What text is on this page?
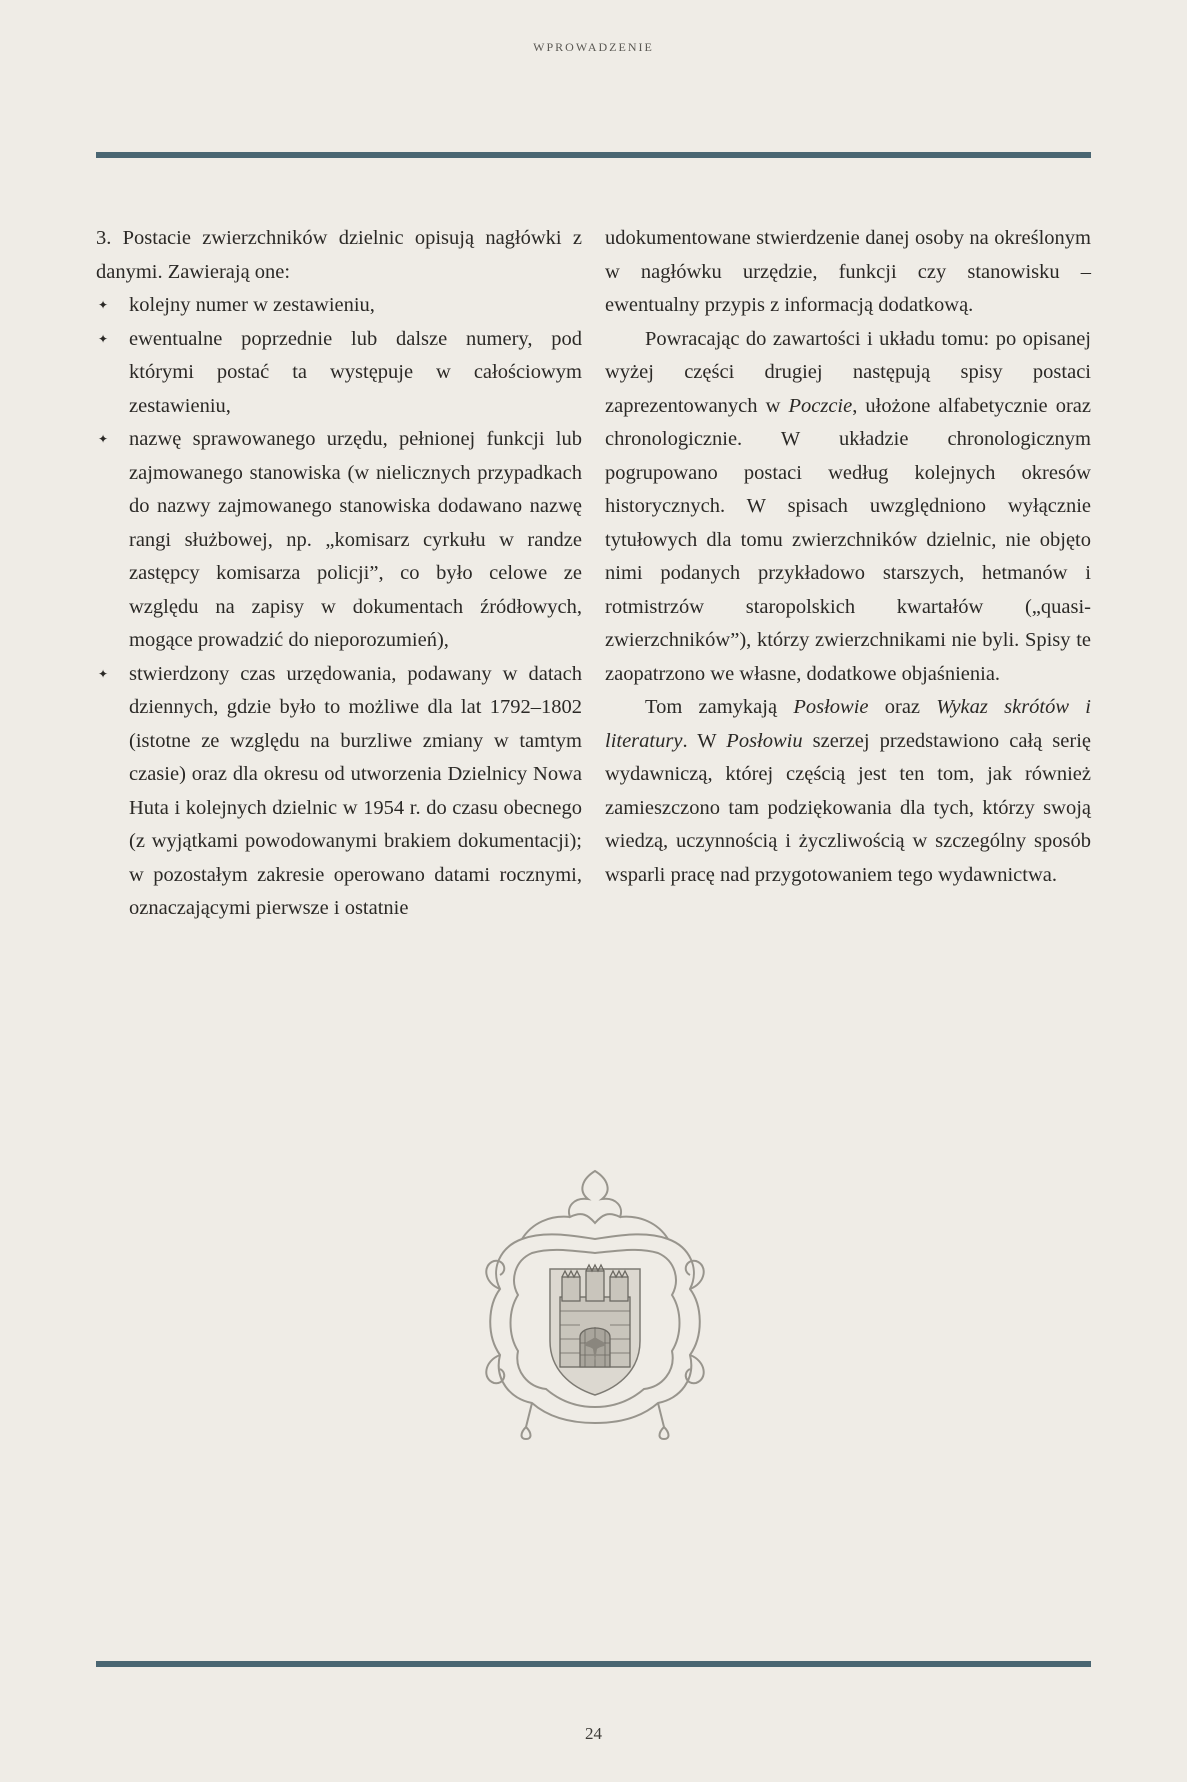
WPROWADZENIE

3. Postacie zwierzchników dzielnic opisują nagłówki z danymi. Zawierają one:

✦ kolejny numer w zestawieniu,
✦ ewentualne poprzednie lub dalsze numery, pod którymi postać ta występuje w całościowym zestawieniu,
✦ nazwę sprawowanego urzędu, pełnionej funkcji lub zajmowanego stanowiska (w nielicznych przypadkach do nazwy zajmowanego stanowiska dodawano nazwę rangi służbowej, np. „komisarz cyrkułu w randze zastępcy komisarza policji”, co było celowe ze względu na zapisy w dokumentach źródłowych, mogące prowadzić do nieporozumień),
✦ stwierdzony czas urzędowania, podawany w datach dziennych, gdzie było to możliwe dla lat 1792–1802 (istotne ze względu na burzliwe zmiany w tamtym czasie) oraz dla okresu od utworzenia Dzielnicy Nowa Huta i kolejnych dzielnic w 1954 r. do czasu obecnego (z wyjątkami powodowanymi brakiem dokumentacji); w pozostałym zakresie operowano datami rocznymi, oznaczającymi pierwsze i ostatnie

udokumentowane stwierdzenie danej osoby na określonym w nagłówku urzędzie, funkcji czy stanowisku – ewentualny przypis z informacją dodatkową.

Powracając do zawartości i układu tomu: po opisanej wyżej części drugiej następują spisy postaci zaprezentowanych w Poczcie, ułożone alfabetycznie oraz chronologicznie. W układzie chronologicznym pogrupowano postaci według kolejnych okresów historycznych. W spisach uwzględniono wyłącznie tytułowych dla tomu zwierzchników dzielnic, nie objęto nimi podanych przykładowo starszych, hetmanów i rotmistrzów staropolskich kwartałów („quasi-zwierzchników”), którzy zwierzchnikami nie byli. Spisy te zaopatrzono we własne, dodatkowe objaśnienia.

Tom zamykają Posłowie oraz Wykaz skrótów i literatury. W Posłowiu szerzej przedstawiono całą serię wydawniczą, której częścią jest ten tom, jak również zamieszczono tam podziękowania dla tych, którzy swoją wiedzą, uczynnością i życzliwością w szczególny sposób wsparli pracę nad przygotowaniem tego wydawnictwa.

24
